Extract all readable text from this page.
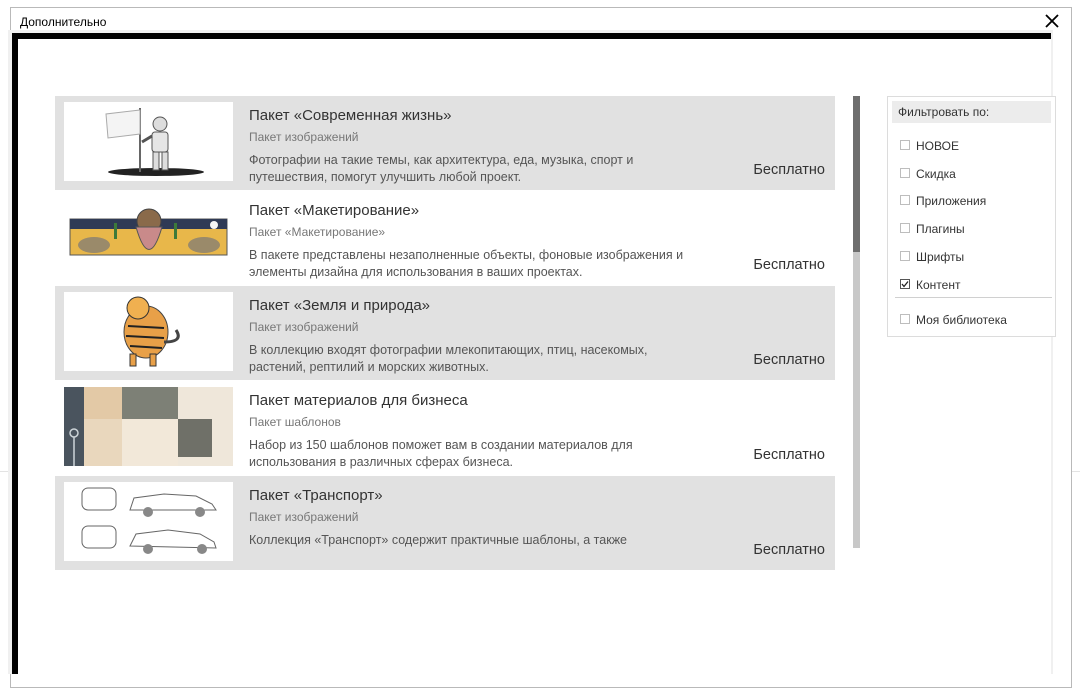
Дополнительно
Пакет «Современная жизнь»
Пакет изображений
Фотографии на такие темы, как архитектура, еда, музыка, спорт и путешествия, помогут улучшить любой проект.	Бесплатно
Пакет «Макетирование»
Пакет «Макетирование»
В пакете представлены незаполненные объекты, фоновые изображения и элементы дизайна для использования в ваших проектах.	Бесплатно
Пакет «Земля и природа»
Пакет изображений
В коллекцию входят фотографии млекопитающих, птиц, насекомых, растений, рептилий и морских животных.	Бесплатно
Пакет материалов для бизнеса
Пакет шаблонов
Набор из 150 шаблонов поможет вам в создании материалов для использования в различных сферах бизнеса.	Бесплатно
Пакет «Транспорт»
Пакет изображений
Коллекция «Транспорт» содержит практичные шаблоны, а также
Бесплатно
Фильтровать по:
НОВОЕ
Скидка
Приложения
Плагины
Шрифты
Контент
Моя библиотека
